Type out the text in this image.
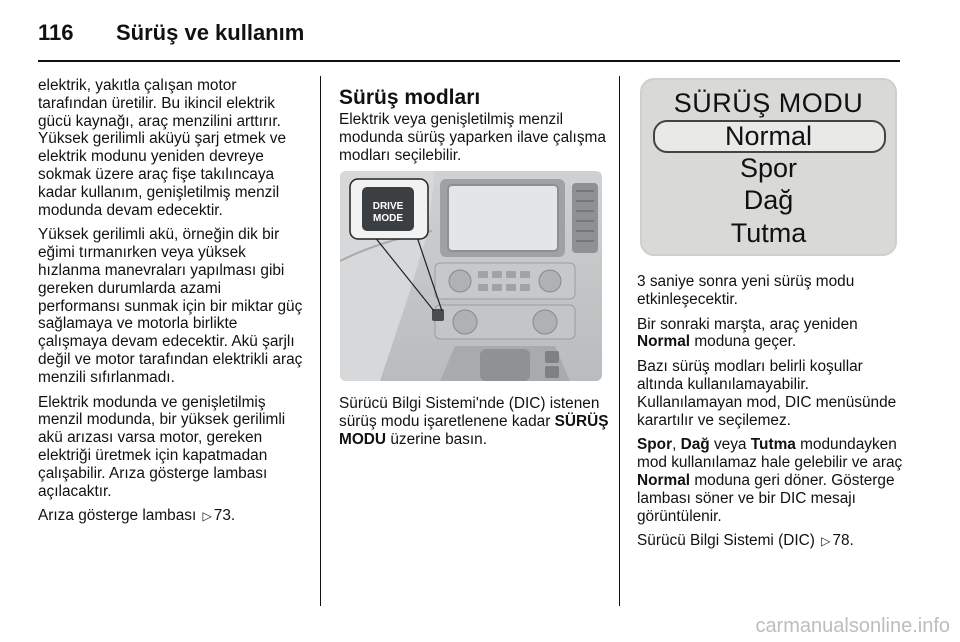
116 Sürüş ve kullanım

elektrik, yakıtla çalışan motor tarafından üretilir. Bu ikincil elektrik gücü kaynağı, araç menzilini arttırır. Yüksek gerilimli aküyü şarj etmek ve elektrik modunu yeniden devreye sokmak üzere araç fişe takılıncaya kadar kullanım, genişletilmiş menzil modunda devam edecektir.

Yüksek gerilimli akü, örneğin dik bir eğimi tırmanırken veya yüksek hızlanma manevraları yapılması gibi gereken durumlarda azami performansı sunmak için bir miktar güç sağlamaya ve motorla birlikte çalışmaya devam edecektir. Akü şarjlı değil ve motor tarafından elektrikli araç menzili sıfırlanmadı.

Elektrik modunda ve genişletilmiş menzil modunda, bir yüksek gerilimli akü arızası varsa motor, gereken elektriği üretmek için kapatmadan çalışabilir. Arıza gösterge lambası açılacaktır.

Arıza gösterge lambası ▷ 73.

Sürüş modları

Elektrik veya genişletilmiş menzil modunda sürüş yaparken ilave çalışma modları seçilebilir.

DRIVE
MODE
Sürücü Bilgi Sistemi'nde (DIC) istenen sürüş modu işaretlenene kadar SÜRÜŞ MODU üzerine basın.
SÜRÜŞ MODU
Normal
Spor
Dağ
Tutma

3 saniye sonra yeni sürüş modu etkinleşecektir.

Bir sonraki marşta, araç yeniden Normal moduna geçer.

Bazı sürüş modları belirli koşullar altında kullanılamayabilir. Kullanılamayan mod, DIC menüsünde karartılır ve seçilemez.

Spor, Dağ veya Tutma modundayken mod kullanılamaz hale gelebilir ve araç Normal moduna geri döner. Gösterge lambası söner ve bir DIC mesajı görüntülenir.

Sürücü Bilgi Sistemi (DIC) ▷ 78.

carmanualsonline.info
